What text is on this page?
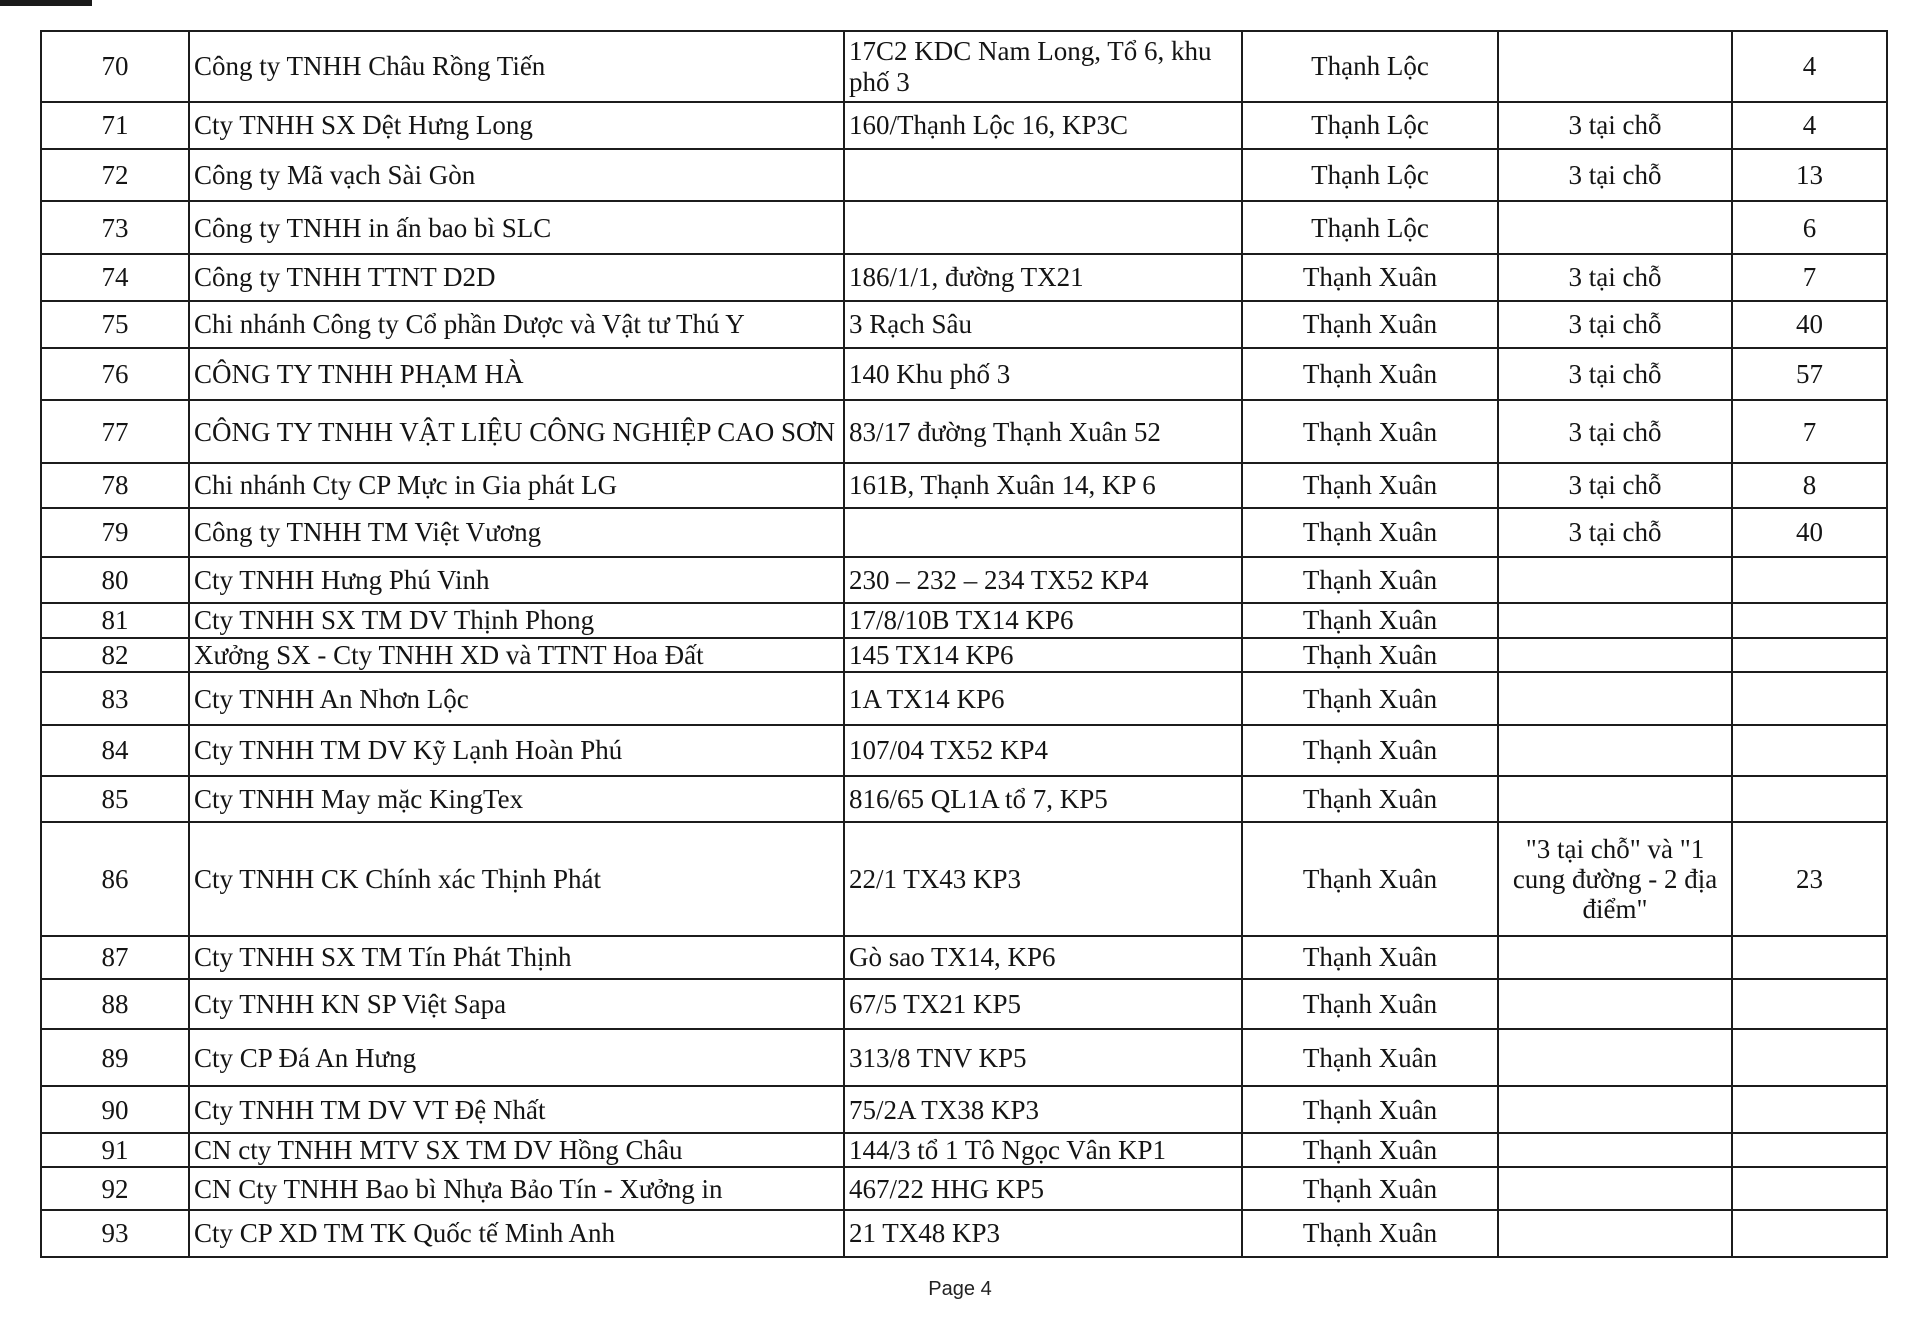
70	Công ty TNHH Châu Rồng Tiến	17C2 KDC Nam Long, Tổ 6, khu phố 3	Thạnh Lộc		4
71	Cty TNHH SX Dệt Hưng Long	160/Thạnh Lộc 16, KP3C	Thạnh Lộc	3 tại chỗ	4
72	Công ty Mã vạch Sài Gòn		Thạnh Lộc	3 tại chỗ	13
73	Công ty TNHH in ấn bao bì SLC		Thạnh Lộc		6
74	Công ty TNHH TTNT D2D	186/1/1, đường TX21	Thạnh Xuân	3 tại chỗ	7
75	Chi nhánh Công ty Cổ phần Dược và Vật tư Thú Y	3 Rạch Sâu	Thạnh Xuân	3 tại chỗ	40
76	CÔNG TY TNHH PHẠM HÀ	140 Khu phố 3	Thạnh Xuân	3 tại chỗ	57
77	CÔNG TY TNHH VẬT LIỆU CÔNG NGHIỆP CAO SƠN	83/17 đường Thạnh Xuân 52	Thạnh Xuân	3 tại chỗ	7
78	Chi nhánh Cty CP Mực in Gia phát LG	161B, Thạnh Xuân 14, KP 6	Thạnh Xuân	3 tại chỗ	8
79	Công ty TNHH TM Việt Vương		Thạnh Xuân	3 tại chỗ	40
80	Cty TNHH Hưng Phú Vinh	230 – 232 – 234 TX52 KP4	Thạnh Xuân		
81	Cty TNHH SX TM DV Thịnh Phong	17/8/10B TX14 KP6	Thạnh Xuân		
82	Xưởng SX - Cty TNHH XD và TTNT Hoa Đất	145 TX14 KP6	Thạnh Xuân		
83	Cty TNHH An Nhơn Lộc	1A TX14 KP6	Thạnh Xuân		
84	Cty TNHH TM DV Kỹ Lạnh Hoàn Phú	107/04 TX52 KP4	Thạnh Xuân		
85	Cty TNHH May mặc KingTex	816/65 QL1A tổ 7, KP5	Thạnh Xuân		
86	Cty TNHH CK Chính xác Thịnh Phát	22/1 TX43 KP3	Thạnh Xuân	"3 tại chỗ" và "1 cung đường - 2 địa điểm"	23
87	Cty TNHH SX TM Tín Phát Thịnh	Gò sao TX14, KP6	Thạnh Xuân		
88	Cty TNHH KN SP Việt Sapa	67/5 TX21 KP5	Thạnh Xuân		
89	Cty CP Đá An Hưng	313/8 TNV KP5	Thạnh Xuân		
90	Cty TNHH TM DV VT Đệ Nhất	75/2A TX38 KP3	Thạnh Xuân		
91	CN cty TNHH MTV SX TM DV Hồng Châu	144/3 tổ 1 Tô Ngọc Vân KP1	Thạnh Xuân		
92	CN Cty TNHH Bao bì Nhựa Bảo Tín - Xưởng in	467/22 HHG KP5	Thạnh Xuân		
93	Cty CP XD TM TK Quốc tế Minh Anh	21 TX48 KP3	Thạnh Xuân		
Page 4
